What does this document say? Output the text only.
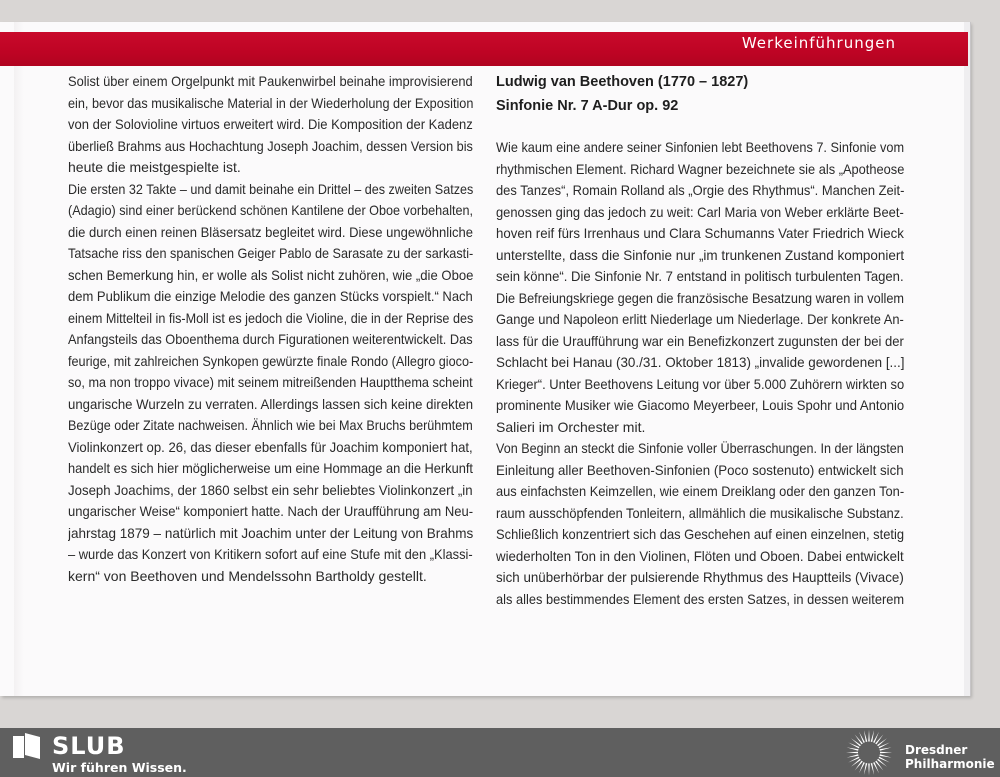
Werkeinführungen
Solist über einem Orgelpunkt mit Paukenwirbel beinahe improvisierend
ein, bevor das musikalische Material in der Wiederholung der Exposition
von der Solovioline virtuos erweitert wird. Die Komposition der Kadenz
überließ Brahms aus Hochachtung Joseph Joachim, dessen Version bis
heute die meistgespielte ist.
Die ersten 32 Takte – und damit beinahe ein Drittel – des zweiten Satzes
(Adagio) sind einer berückend schönen Kantilene der Oboe vorbehalten,
die durch einen reinen Bläsersatz begleitet wird. Diese ungewöhnliche
Tatsache riss den spanischen Geiger Pablo de Sarasate zu der sarkasti-
schen Bemerkung hin, er wolle als Solist nicht zuhören, wie „die Oboe
dem Publikum die einzige Melodie des ganzen Stücks vorspielt.“ Nach
einem Mittelteil in fis-Moll ist es jedoch die Violine, die in der Reprise des
Anfangsteils das Oboenthema durch Figurationen weiterentwickelt. Das
feurige, mit zahlreichen Synkopen gewürzte finale Rondo (Allegro gioco-
so, ma non troppo vivace) mit seinem mitreißenden Hauptthema scheint
ungarische Wurzeln zu verraten. Allerdings lassen sich keine direkten
Bezüge oder Zitate nachweisen. Ähnlich wie bei Max Bruchs berühmtem
Violinkonzert op. 26, das dieser ebenfalls für Joachim komponiert hat,
handelt es sich hier möglicherweise um eine Hommage an die Herkunft
Joseph Joachims, der 1860 selbst ein sehr beliebtes Violinkonzert „in
ungarischer Weise“ komponiert hatte. Nach der Uraufführung am Neu-
jahrstag 1879 – natürlich mit Joachim unter der Leitung von Brahms
– wurde das Konzert von Kritikern sofort auf eine Stufe mit den „Klassi-
kern“ von Beethoven und Mendelssohn Bartholdy gestellt.
Ludwig van Beethoven (1770 – 1827)
Sinfonie Nr. 7 A-Dur op. 92
Wie kaum eine andere seiner Sinfonien lebt Beethovens 7. Sinfonie vom
rhythmischen Element. Richard Wagner bezeichnete sie als „Apotheose
des Tanzes“, Romain Rolland als „Orgie des Rhythmus“. Manchen Zeit-
genossen ging das jedoch zu weit: Carl Maria von Weber erklärte Beet-
hoven reif fürs Irrenhaus und Clara Schumanns Vater Friedrich Wieck
unterstellte, dass die Sinfonie nur „im trunkenen Zustand komponiert
sein könne“. Die Sinfonie Nr. 7 entstand in politisch turbulenten Tagen.
Die Befreiungskriege gegen die französische Besatzung waren in vollem
Gange und Napoleon erlitt Niederlage um Niederlage. Der konkrete An-
lass für die Uraufführung war ein Benefizkonzert zugunsten der bei der
Schlacht bei Hanau (30./31. Oktober 1813) „invalide gewordenen [...]
Krieger“. Unter Beethovens Leitung vor über 5.000 Zuhörern wirkten so
prominente Musiker wie Giacomo Meyerbeer, Louis Spohr und Antonio
Salieri im Orchester mit.
Von Beginn an steckt die Sinfonie voller Überraschungen. In der längsten
Einleitung aller Beethoven-Sinfonien (Poco sostenuto) entwickelt sich
aus einfachsten Keimzellen, wie einem Dreiklang oder den ganzen Ton-
raum ausschöpfenden Tonleitern, allmählich die musikalische Substanz.
Schließlich konzentriert sich das Geschehen auf einen einzelnen, stetig
wiederholten Ton in den Violinen, Flöten und Oboen. Dabei entwickelt
sich unüberhörbar der pulsierende Rhythmus des Hauptteils (Vivace)
als alles bestimmendes Element des ersten Satzes, in dessen weiterem
SLUB
Wir führen Wissen.
Dresdner
Philharmonie
